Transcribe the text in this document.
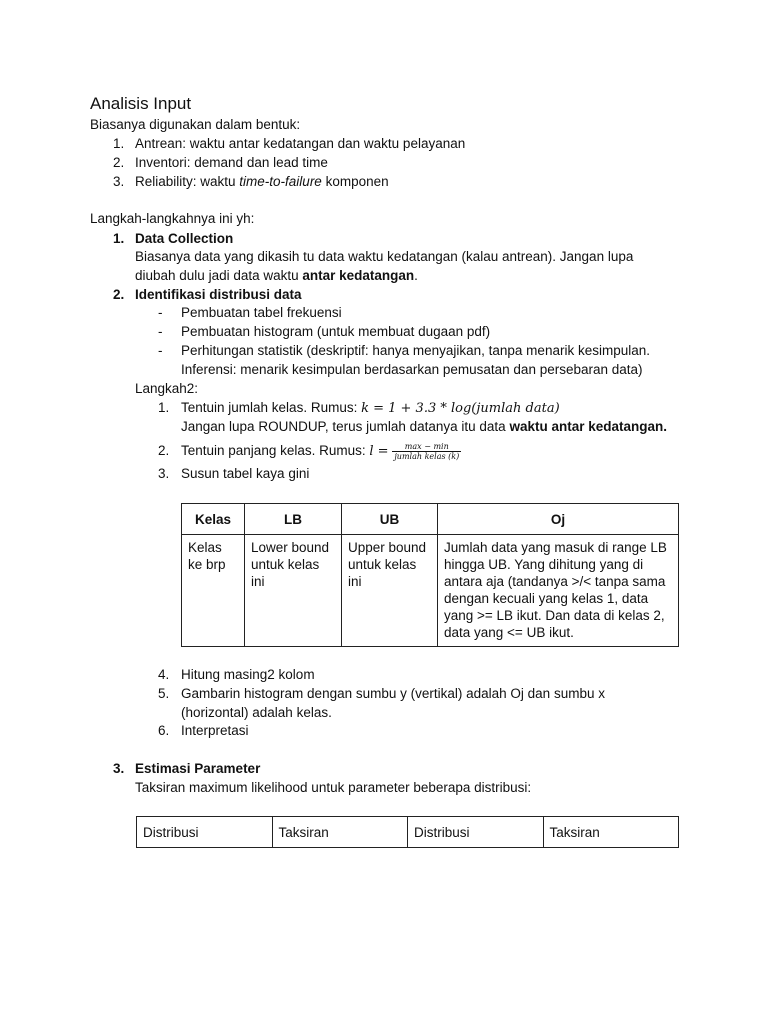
Analisis Input
Biasanya digunakan dalam bentuk:
1. Antrean: waktu antar kedatangan dan waktu pelayanan
2. Inventori: demand dan lead time
3. Reliability: waktu time-to-failure komponen
Langkah-langkahnya ini yh:
1. Data Collection
Biasanya data yang dikasih tu data waktu kedatangan (kalau antrean). Jangan lupa
diubah dulu jadi data waktu antar kedatangan.
2. Identifikasi distribusi data
- Pembuatan tabel frekuensi
- Pembuatan histogram (untuk membuat dugaan pdf)
- Perhitungan statistik (deskriptif: hanya menyajikan, tanpa menarik kesimpulan.
Inferensi: menarik kesimpulan berdasarkan pemusatan dan persebaran data)
Langkah2:
1. Tentuin jumlah kelas. Rumus: k = 1 + 3.3 * log(jumlah data)
Jangan lupa ROUNDUP, terus jumlah datanya itu data waktu antar kedatangan.
2. Tentuin panjang kelas. Rumus: $l = \frac{\max - \min}{\text{jumlah kelas (k)}}$
3. Susun tabel kaya gini
Kelas	LB	UB	Oj
Kelas ke brp	Lower bound untuk kelas ini	Upper bound untuk kelas ini	Jumlah data yang masuk di range LB hingga UB. Yang dihitung yang di antara aja (tandanya >/< tanpa sama dengan kecuali yang kelas 1, data yang >= LB ikut. Dan data di kelas 2, data yang <= UB ikut.
4. Hitung masing2 kolom
5. Gambarin histogram dengan sumbu y (vertikal) adalah Oj dan sumbu x
(horizontal) adalah kelas.
6. Interpretasi
3. Estimasi Parameter
Taksiran maximum likelihood untuk parameter beberapa distribusi:
Distribusi	Taksiran	Distribusi	Taksiran
